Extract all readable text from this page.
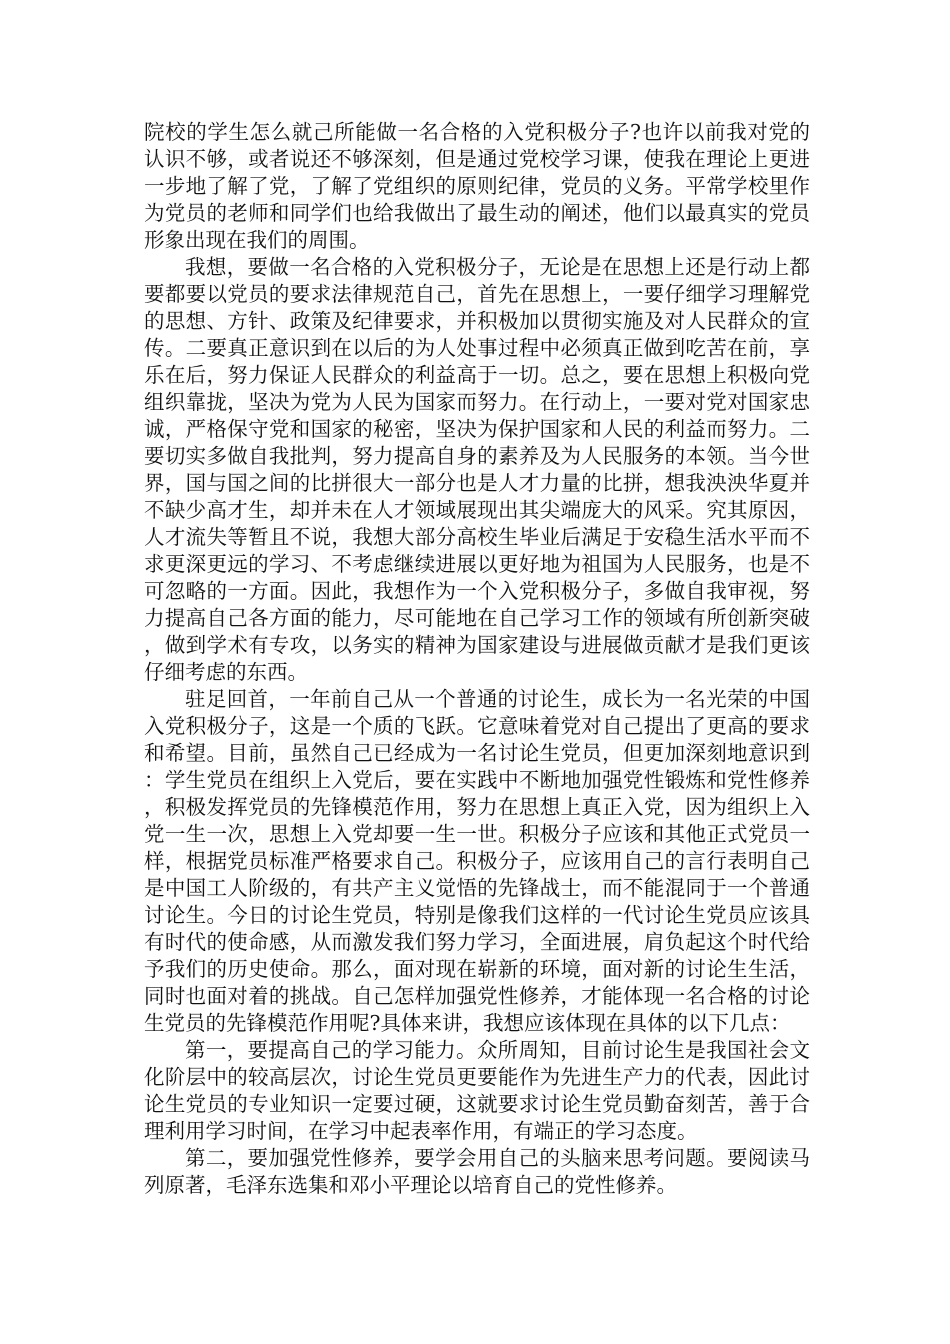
院校的学生怎么就己所能做一名合格的入党积极分子?也许以前我对党的认识不够，或者说还不够深刻，但是通过党校学习课，使我在理论上更进一步地了解了党，了解了党组织的原则纪律，党员的义务。平常学校里作为党员的老师和同学们也给我做出了最生动的阐述，他们以最真实的党员形象出现在我们的周围。

我想，要做一名合格的入党积极分子，无论是在思想上还是行动上都要都要以党员的要求法律规范自己，首先在思想上，一要仔细学习理解党的思想、方针、政策及纪律要求，并积极加以贯彻实施及对人民群众的宣传。二要真正意识到在以后的为人处事过程中必须真正做到吃苦在前，享乐在后，努力保证人民群众的利益高于一切。总之，要在思想上积极向党组织靠拢，坚决为党为人民为国家而努力。在行动上，一要对党对国家忠诚，严格保守党和国家的秘密，坚决为保护国家和人民的利益而努力。二要切实多做自我批判，努力提高自身的素养及为人民服务的本领。当今世界，国与国之间的比拼很大一部分也是人才力量的比拼，想我泱泱华夏并不缺少高才生，却并未在人才领域展现出其尖端庞大的风采。究其原因，人才流失等暂且不说，我想大部分高校生毕业后满足于安稳生活水平而不求更深更远的学习、不考虑继续进展以更好地为祖国为人民服务，也是不可忽略的一方面。因此，我想作为一个入党积极分子，多做自我审视，努力提高自己各方面的能力，尽可能地在自己学习工作的领域有所创新突破，做到学术有专攻，以务实的精神为国家建设与进展做贡献才是我们更该仔细考虑的东西。

驻足回首，一年前自己从一个普通的讨论生，成长为一名光荣的中国入党积极分子，这是一个质的飞跃。它意味着党对自己提出了更高的要求和希望。目前，虽然自己已经成为一名讨论生党员，但更加深刻地意识到：学生党员在组织上入党后，要在实践中不断地加强党性锻炼和党性修养，积极发挥党员的先锋模范作用，努力在思想上真正入党，因为组织上入党一生一次，思想上入党却要一生一世。积极分子应该和其他正式党员一样，根据党员标准严格要求自己。积极分子，应该用自己的言行表明自己是中国工人阶级的，有共产主义觉悟的先锋战士，而不能混同于一个普通讨论生。今日的讨论生党员，特别是像我们这样的一代讨论生党员应该具有时代的使命感，从而激发我们努力学习，全面进展，肩负起这个时代给予我们的历史使命。那么，面对现在崭新的环境，面对新的讨论生生活，同时也面对着的挑战。自己怎样加强党性修养，才能体现一名合格的讨论生党员的先锋模范作用呢?具体来讲，我想应该体现在具体的以下几点：

第一，要提高自己的学习能力。众所周知，目前讨论生是我国社会文化阶层中的较高层次，讨论生党员更要能作为先进生产力的代表，因此讨论生党员的专业知识一定要过硬，这就要求讨论生党员勤奋刻苦，善于合理利用学习时间，在学习中起表率作用，有端正的学习态度。

第二，要加强党性修养，要学会用自己的头脑来思考问题。要阅读马列原著，毛泽东选集和邓小平理论以培育自己的党性修养。
